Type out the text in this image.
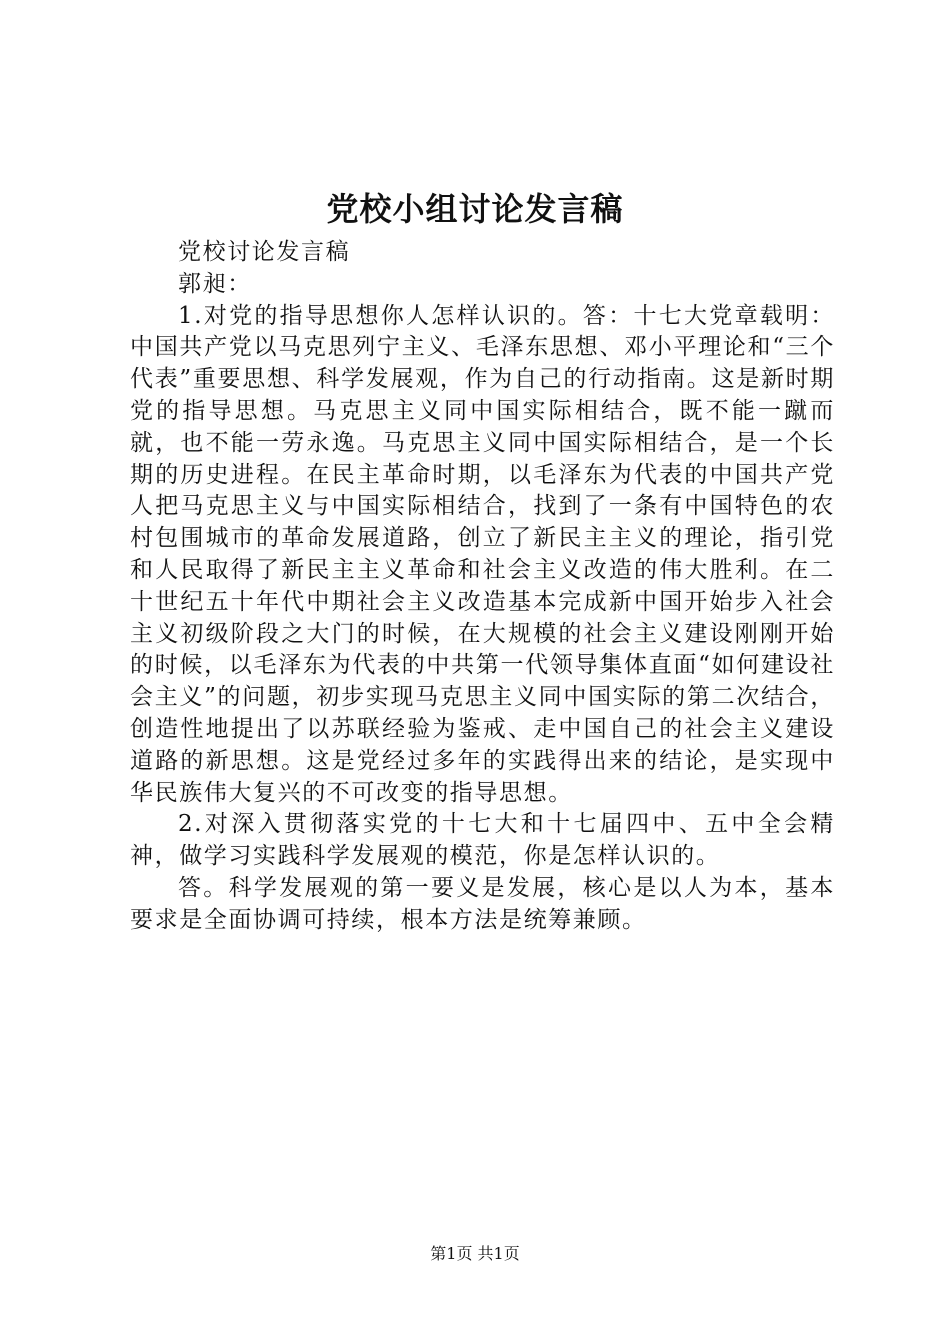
党校小组讨论发言稿

党校讨论发言稿

郭昶：

1.对党的指导思想你人怎样认识的。答：十七大党章载明：中国共产党以马克思列宁主义、毛泽东思想、邓小平理论和“三个代表”重要思想、科学发展观，作为自己的行动指南。这是新时期党的指导思想。马克思主义同中国实际相结合，既不能一蹴而就，也不能一劳永逸。马克思主义同中国实际相结合，是一个长期的历史进程。在民主革命时期，以毛泽东为代表的中国共产党人把马克思主义与中国实际相结合，找到了一条有中国特色的农村包围城市的革命发展道路，创立了新民主主义的理论，指引党和人民取得了新民主主义革命和社会主义改造的伟大胜利。在二十世纪五十年代中期社会主义改造基本完成新中国开始步入社会主义初级阶段之大门的时候，在大规模的社会主义建设刚刚开始的时候，以毛泽东为代表的中共第一代领导集体直面“如何建设社会主义”的问题，初步实现马克思主义同中国实际的第二次结合，创造性地提出了以苏联经验为鉴戒、走中国自己的社会主义建设道路的新思想。这是党经过多年的实践得出来的结论，是实现中华民族伟大复兴的不可改变的指导思想。

2.对深入贯彻落实党的十七大和十七届四中、五中全会精神，做学习实践科学发展观的模范，你是怎样认识的。

答。科学发展观的第一要义是发展，核心是以人为本，基本要求是全面协调可持续，根本方法是统筹兼顾。

第1页 共1页
